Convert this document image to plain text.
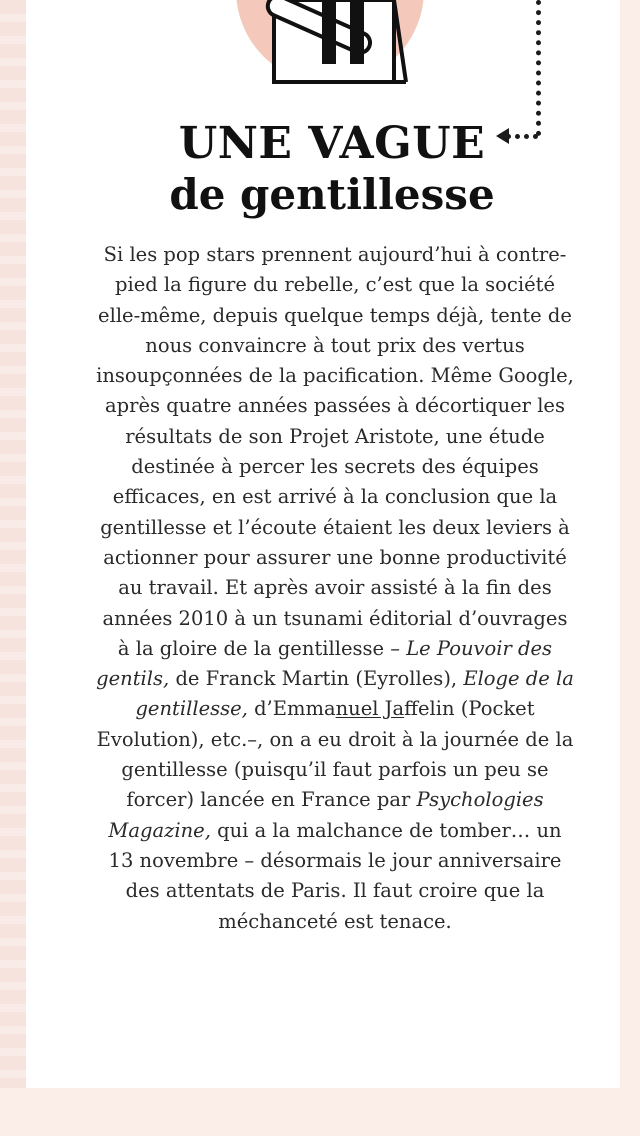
UNE VAGUE
de gentillesse

Si les pop stars prennent aujourd’hui à contre-pied la figure du rebelle, c’est que la société elle-même, depuis quelque temps déjà, tente de nous convaincre à tout prix des vertus insoupçonnées de la pacification. Même Google, après quatre années passées à décortiquer les résultats de son Projet Aristote, une étude destinée à percer les secrets des équipes efficaces, en est arrivé à la conclusion que la gentillesse et l’écoute étaient les deux leviers à actionner pour assurer une bonne productivité au travail. Et après avoir assisté à la fin des années 2010 à un tsunami éditorial d’ouvrages à la gloire de la gentillesse – Le Pouvoir des gentils, de Franck Martin (Eyrolles), Eloge de la gentillesse, d’Emmanuel Jaffelin (Pocket Evolution), etc.–, on a eu droit à la journée de la gentillesse (puisqu’il faut parfois un peu se forcer) lancée en France par Psychologies Magazine, qui a la malchance de tomber… un 13 novembre – désormais le jour anniversaire des attentats de Paris. Il faut croire que la méchanceté est tenace.
